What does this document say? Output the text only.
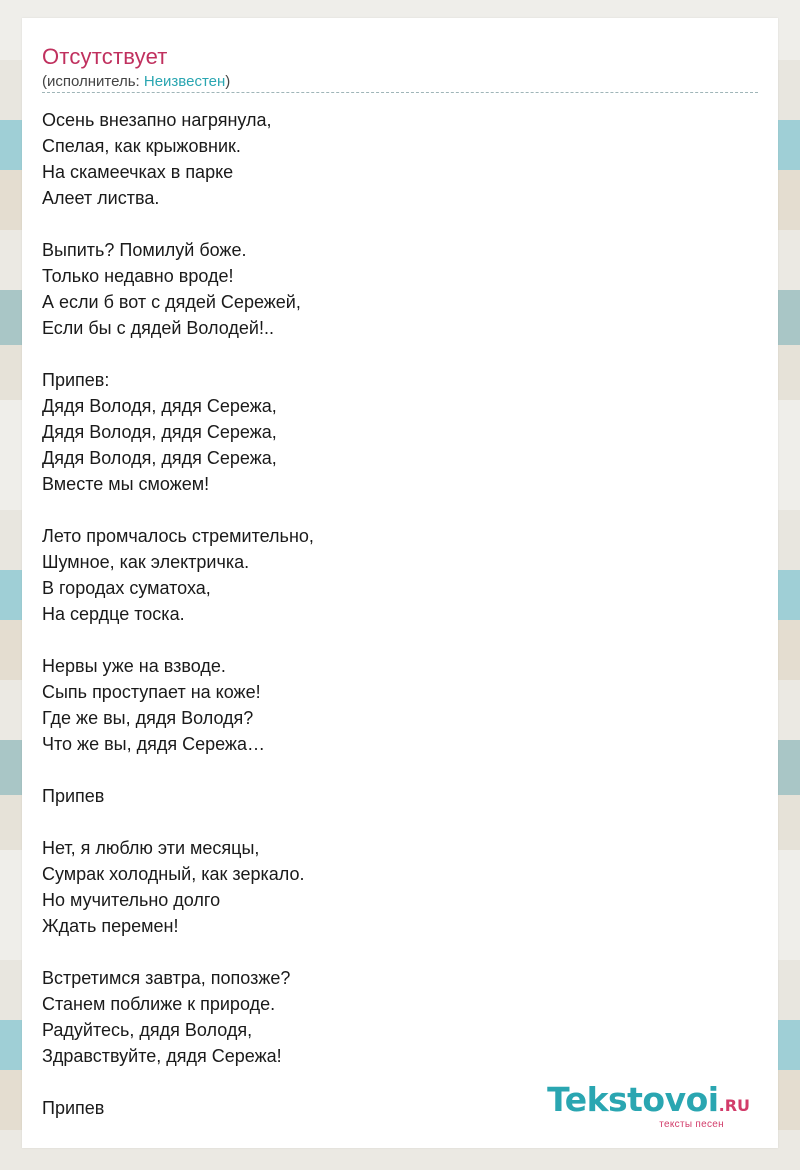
Отсутствует
(исполнитель: Неизвестен)
Осень внезапно нагрянула,
Спелая, как крыжовник.
На скамеечках в парке
Алеет листва.
Выпить? Помилуй боже.
Только недавно вроде!
А если б вот с дядей Сережей,
Если бы с дядей Володей!..
Припев:
Дядя Володя, дядя Сережа,
Дядя Володя, дядя Сережа,
Дядя Володя, дядя Сережа,
Вместе мы сможем!
Лето промчалось стремительно,
Шумное, как электричка.
В городах суматоха,
На сердце тоска.
Нервы уже на взводе.
Сыпь проступает на коже!
Где же вы, дядя Володя?
Что же вы, дядя Сережа…
Припев
Нет, я люблю эти месяцы,
Сумрак холодный, как зеркало.
Но мучительно долго
Ждать перемен!
Встретимся завтра, попозже?
Станем поближе к природе.
Радуйтесь, дядя Володя,
Здравствуйте, дядя Сережа!
Припев	Tekstovoi.RU
тексты песен
